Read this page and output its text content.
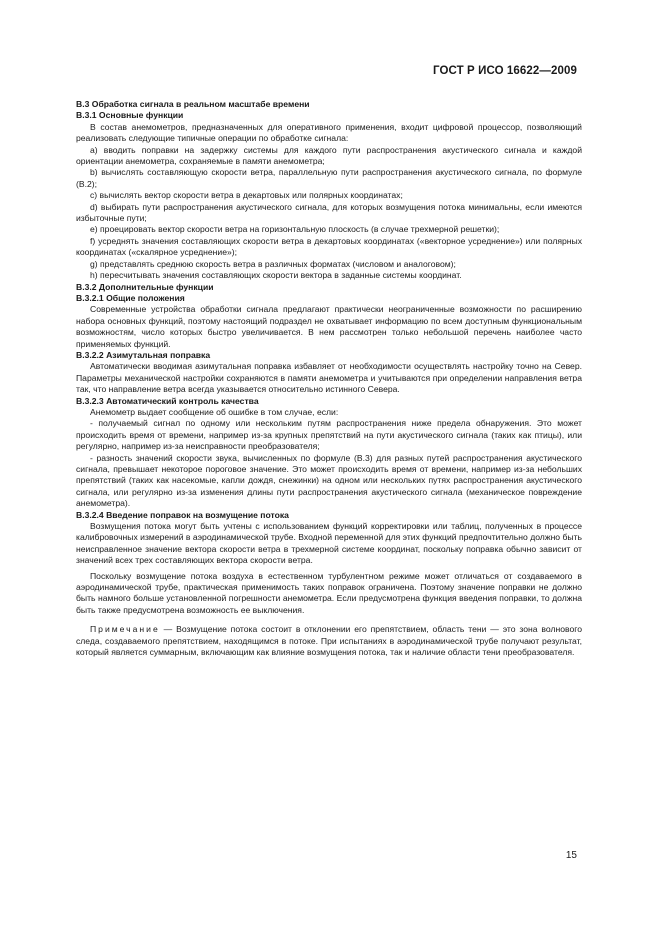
ГОСТ Р ИСО 16622—2009

В.3 Обработка сигнала в реальном масштабе времени

В.3.1 Основные функции

В состав анемометров, предназначенных для оперативного применения, входит цифровой процессор, позволяющий реализовать следующие типичные операции по обработке сигнала:

а) вводить поправки на задержку системы для каждого пути распространения акустического сигнала и каждой ориентации анемометра, сохраняемые в памяти анемометра;

b) вычислять составляющую скорости ветра, параллельную пути распространения акустического сигнала, по формуле (В.2);

c) вычислять вектор скорости ветра в декартовых или полярных координатах;

d) выбирать пути распространения акустического сигнала, для которых возмущения потока минимальны, если имеются избыточные пути;

e) проецировать вектор скорости ветра на горизонтальную плоскость (в случае трехмерной решетки);

f) усреднять значения составляющих скорости ветра в декартовых координатах («векторное усреднение») или полярных координатах («скалярное усреднение»);

g) представлять среднюю скорость ветра в различных форматах (числовом и аналоговом);

h) пересчитывать значения составляющих скорости вектора в заданные системы координат.

В.3.2 Дополнительные функции

В.3.2.1 Общие положения

Современные устройства обработки сигнала предлагают практически неограниченные возможности по расширению набора основных функций, поэтому настоящий подраздел не охватывает информацию по всем доступным функциональным возможностям, число которых быстро увеличивается. В нем рассмотрен только небольшой перечень наиболее часто применяемых функций.

В.3.2.2 Азимутальная поправка

Автоматически вводимая азимутальная поправка избавляет от необходимости осуществлять настройку точно на Север. Параметры механической настройки сохраняются в памяти анемометра и учитываются при определении направления ветра так, что направление ветра всегда указывается относительно истинного Севера.

В.3.2.3 Автоматический контроль качества

Анемометр выдает сообщение об ошибке в том случае, если:

- получаемый сигнал по одному или нескольким путям распространения ниже предела обнаружения. Это может происходить время от времени, например из-за крупных препятствий на пути акустического сигнала (таких как птицы), или регулярно, например из-за неисправности преобразователя;

- разность значений скорости звука, вычисленных по формуле (В.3) для разных путей распространения акустического сигнала, превышает некоторое пороговое значение. Это может происходить время от времени, например из-за небольших препятствий (таких как насекомые, капли дождя, снежинки) на одном или нескольких путях распространения акустического сигнала, или регулярно из-за изменения длины пути распространения акустического сигнала (механическое повреждение анемометра).

В.3.2.4 Введение поправок на возмущение потока

Возмущения потока могут быть учтены с использованием функций корректировки или таблиц, полученных в процессе калибровочных измерений в аэродинамической трубе. Входной переменной для этих функций предпочтительно должно быть неисправленное значение вектора скорости ветра в трехмерной системе координат, поскольку поправка обычно зависит от значений всех трех составляющих вектора скорости ветра.

Поскольку возмущение потока воздуха в естественном турбулентном режиме может отличаться от создаваемого в аэродинамической трубе, практическая применимость таких поправок ограничена. Поэтому значение поправки не должно быть намного больше установленной погрешности анемометра. Если предусмотрена функция введения поправки, то должна быть также предусмотрена возможность ее выключения.

Примечание — Возмущение потока состоит в отклонении его препятствием, область тени — это зона волнового следа, создаваемого препятствием, находящимся в потоке. При испытаниях в аэродинамической трубе получают результат, который является суммарным, включающим как влияние возмущения потока, так и наличие области тени преобразователя.

15
